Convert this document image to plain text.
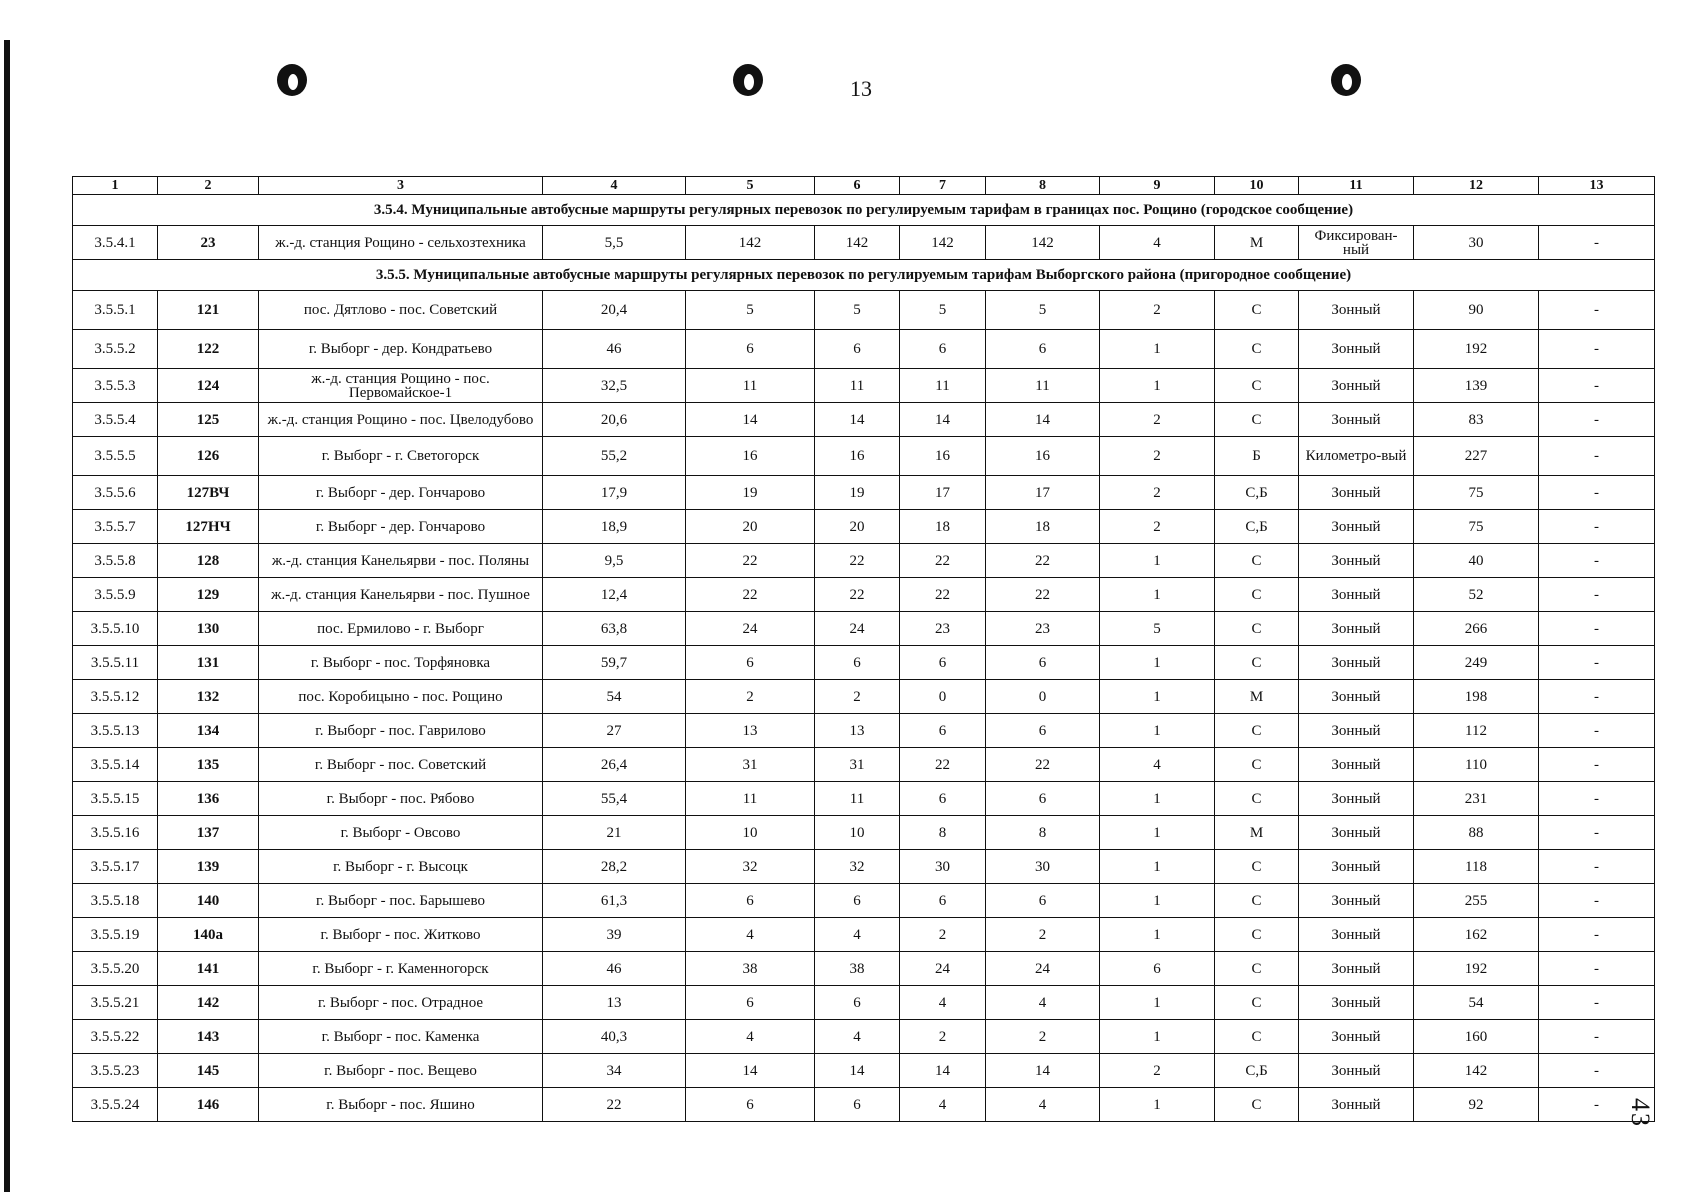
13
43
1	2	3	4	5	6	7	8	9	10	11	12	13
3.5.4. Муниципальные автобусные маршруты регулярных перевозок по регулируемым тарифам в границах пос. Рощино (городское сообщение)												
3.5.4.1	23	ж.-д. станция Рощино - сельхозтехника	5,5	142	142	142	142	4	М	Фиксирован-ный	30	-
3.5.5. Муниципальные автобусные маршруты регулярных перевозок по регулируемым тарифам Выборгского района (пригородное сообщение)												
3.5.5.1	121	пос. Дятлово - пос. Советский	20,4	5	5	5	5	2	С	Зонный	90	-
3.5.5.2	122	г. Выборг - дер. Кондратьево	46	6	6	6	6	1	С	Зонный	192	-
3.5.5.3	124	ж.-д. станция Рощино - пос. Первомайское-1	32,5	11	11	11	11	1	С	Зонный	139	-
3.5.5.4	125	ж.-д. станция Рощино - пос. Цвелодубово	20,6	14	14	14	14	2	С	Зонный	83	-
3.5.5.5	126	г. Выборг - г. Светогорск	55,2	16	16	16	16	2	Б	Километро-вый	227	-
3.5.5.6	127ВЧ	г. Выборг - дер. Гончарово	17,9	19	19	17	17	2	С,Б	Зонный	75	-
3.5.5.7	127НЧ	г. Выборг - дер. Гончарово	18,9	20	20	18	18	2	С,Б	Зонный	75	-
3.5.5.8	128	ж.-д. станция Канельярви - пос. Поляны	9,5	22	22	22	22	1	С	Зонный	40	-
3.5.5.9	129	ж.-д. станция Канельярви - пос. Пушное	12,4	22	22	22	22	1	С	Зонный	52	-
3.5.5.10	130	пос. Ермилово - г. Выборг	63,8	24	24	23	23	5	С	Зонный	266	-
3.5.5.11	131	г. Выборг - пос. Торфяновка	59,7	6	6	6	6	1	С	Зонный	249	-
3.5.5.12	132	пос. Коробицыно - пос. Рощино	54	2	2	0	0	1	М	Зонный	198	-
3.5.5.13	134	г. Выборг - пос. Гаврилово	27	13	13	6	6	1	С	Зонный	112	-
3.5.5.14	135	г. Выборг - пос. Советский	26,4	31	31	22	22	4	С	Зонный	110	-
3.5.5.15	136	г. Выборг - пос. Рябово	55,4	11	11	6	6	1	С	Зонный	231	-
3.5.5.16	137	г. Выборг - Овсово	21	10	10	8	8	1	М	Зонный	88	-
3.5.5.17	139	г. Выборг - г. Высоцк	28,2	32	32	30	30	1	С	Зонный	118	-
3.5.5.18	140	г. Выборг - пос. Барышево	61,3	6	6	6	6	1	С	Зонный	255	-
3.5.5.19	140а	г. Выборг - пос. Житково	39	4	4	2	2	1	С	Зонный	162	-
3.5.5.20	141	г. Выборг - г. Каменногорск	46	38	38	24	24	6	С	Зонный	192	-
3.5.5.21	142	г. Выборг - пос. Отрадное	13	6	6	4	4	1	С	Зонный	54	-
3.5.5.22	143	г. Выборг - пос. Каменка	40,3	4	4	2	2	1	С	Зонный	160	-
3.5.5.23	145	г. Выборг - пос. Вещево	34	14	14	14	14	2	С,Б	Зонный	142	-
3.5.5.24	146	г. Выборг - пос. Яшино	22	6	6	4	4	1	С	Зонный	92	-
